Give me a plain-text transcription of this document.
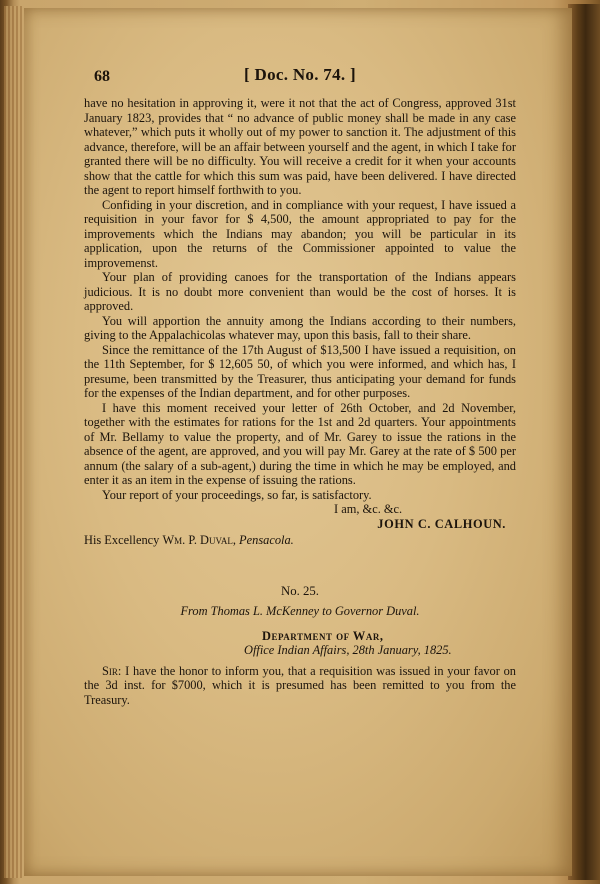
68	[ Doc. No. 74. ]

have no hesitation in approving it, were it not that the act of Congress, approved 31st January 1823, provides that “ no advance of public money shall be made in any case whatever,” which puts it wholly out of my power to sanction it. The adjustment of this advance, therefore, will be an affair between yourself and the agent, in which I take for granted there will be no difficulty. You will receive a credit for it when your accounts show that the cattle for which this sum was paid, have been delivered. I have directed the agent to report himself forthwith to you.

Confiding in your discretion, and in compliance with your request, I have issued a requisition in your favor for $ 4,500, the amount appropriated to pay for the improvements which the Indians may abandon; you will be particular in its application, upon the returns of the Commissioner appointed to value the improvemenst.

Your plan of providing canoes for the transportation of the Indians appears judicious. It is no doubt more convenient than would be the cost of horses. It is approved.

You will apportion the annuity among the Indians according to their numbers, giving to the Appalachicolas whatever may, upon this basis, fall to their share.

Since the remittance of the 17th August of $13,500 I have issued a requisition, on the 11th September, for $ 12,605 50, of which you were informed, and which has, I presume, been transmitted by the Treasurer, thus anticipating your demand for funds for the expenses of the Indian department, and for other purposes.

I have this moment received your letter of 26th October, and 2d November, together with the estimates for rations for the 1st and 2d quarters. Your appointments of Mr. Bellamy to value the property, and of Mr. Garey to issue the rations in the absence of the agent, are approved, and you will pay Mr. Garey at the rate of $ 500 per annum (the salary of a sub-agent,) during the time in which he may be employed, and enter it as an item in the expense of issuing the rations.

Your report of your proceedings, so far, is satisfactory.

I am, &c. &c.

JOHN C. CALHOUN.

His Excellency Wm. P. Duval, Pensacola.

No. 25.

From Thomas L. McKenney to Governor Duval.

Department of War,

Office Indian Affairs, 28th January, 1825.

Sir: I have the honor to inform you, that a requisition was issued in your favor on the 3d inst. for $7000, which it is presumed has been remitted to you from the Treasury.
